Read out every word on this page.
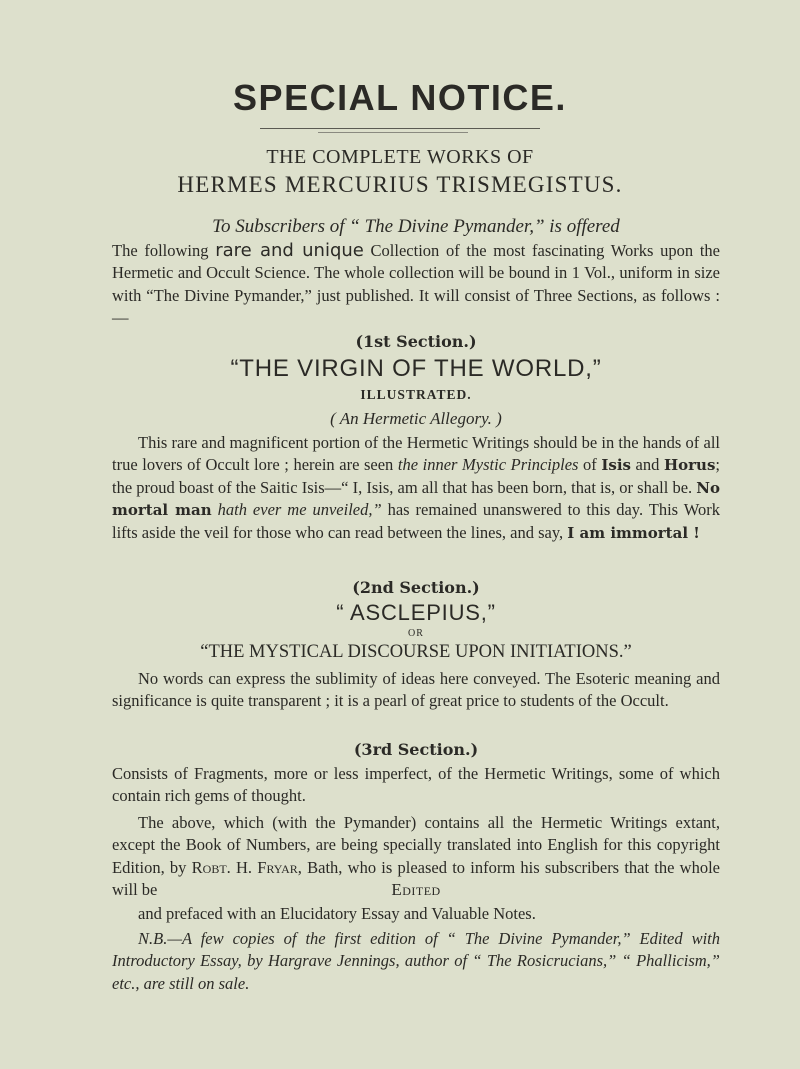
SPECIAL NOTICE.

THE COMPLETE WORKS OF

HERMES MERCURIUS TRISMEGISTUS.

To Subscribers of “ The Divine Pymander,” is offered

The following rare and unique Collection of the most fascinating Works upon the Hermetic and Occult Science. The whole collection will be bound in 1 Vol., uniform in size with “The Divine Pymander,” just published. It will consist of Three Sections, as follows :—

(1st Section.)

“THE VIRGIN OF THE WORLD,”

ILLUSTRATED.

( An Hermetic Allegory. )

This rare and magnificent portion of the Hermetic Writings should be in the hands of all true lovers of Occult lore ; herein are seen the inner Mystic Principles of Isis and Horus; the proud boast of the Saitic Isis—“ I, Isis, am all that has been born, that is, or shall be. No mortal man hath ever me unveiled,” has remained unanswered to this day. This Work lifts aside the veil for those who can read between the lines, and say, I am immortal !

(2nd Section.)

“ ASCLEPIUS,”

OR

“THE MYSTICAL DISCOURSE UPON INITIATIONS.”

No words can express the sublimity of ideas here conveyed. The Esoteric meaning and significance is quite transparent ; it is a pearl of great price to students of the Occult.

(3rd Section.)

Consists of Fragments, more or less imperfect, of the Hermetic Writings, some of which contain rich gems of thought.

The above, which (with the Pymander) contains all the Hermetic Writings extant, except the Book of Numbers, are being specially translated into English for this copyright Edition, by Robt. H. Fryar, Bath, who is pleased to inform his subscribers that the whole will be	Edited

and prefaced with an Elucidatory Essay and Valuable Notes.

N.B.—A few copies of the first edition of “ The Divine Pymander,” Edited with Introductory Essay, by Hargrave Jennings, author of “ The Rosicrucians,” “ Phallicism,” etc., are still on sale.
